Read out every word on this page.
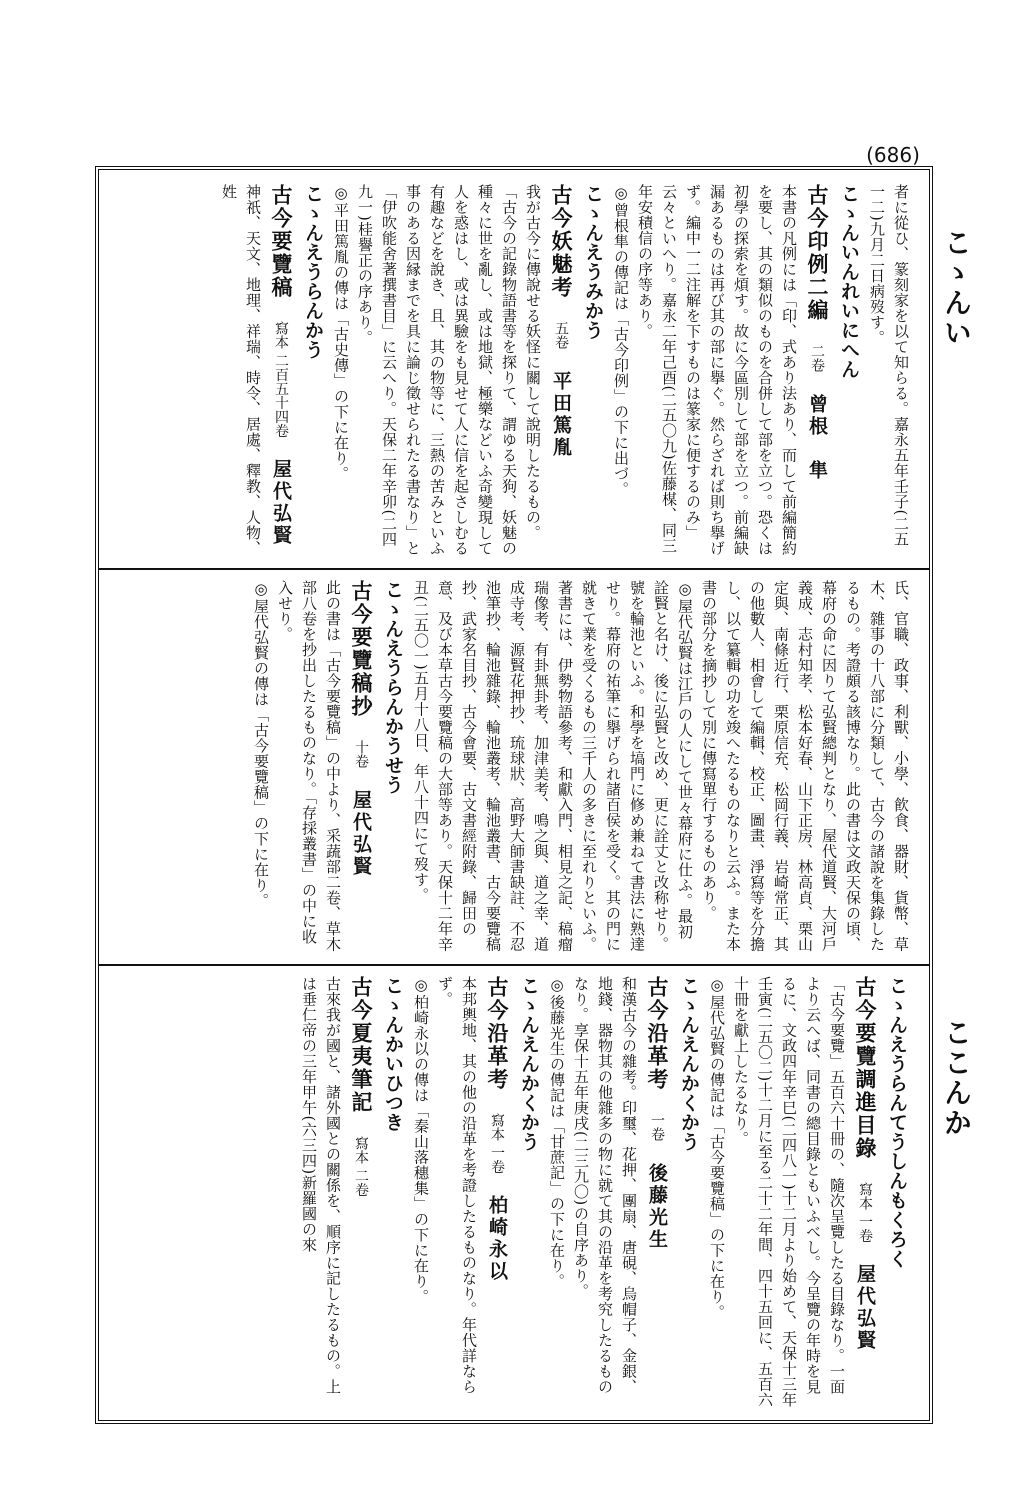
(686)

者に從ひ、篆刻家を以て知らる。嘉永五年壬子(二五一二)九月二日病歿す。

こゝんいんれいにへん
古今印例二編二卷曾根　隼

本書の凡例には「印、式あり法あり、而して前編簡約を要し、其の類似のものを合併して部を立つ。恐くは初學の探索を煩す。故に今區別して部を立つ。前編缺漏あるものは再び其の部に擧ぐ。然らざれば則ち擧げず。編中一二注解を下すものは篆家に便するのみ」云々といへり。嘉永二年己酉(二五〇九)佐藤楳、同三年安積信の序等あり。

◎曾根隼の傳記は「古今印例」の下に出づ。

こゝんえうみかう
古今妖魅考五卷平田篤胤

我が古今に傳說せる妖怪に關して說明したるもの。「古今の記錄物語書等を探りて、謂ゆる天狗、妖魅の種々に世を亂し、或は地獄、極樂などいふ奇變現して人を惑はし、或は異驗をも見せて人に信を起さしむる有趣などを說き、且、其の物等に、三熱の苦みといふ事のある因縁までを具に論じ徵せられたる書なり」と「伊吹能舍著撰書目」に云へり。天保二年辛卯(二四九一)桂譽正の序あり。

◎平田篤胤の傳は「古史傳」の下に在り。

こゝんえうらんかう
古今要覽稿寫本 二百五十四卷屋代弘賢

神祇、天文、地理、祥瑞、時令、居處、釋教、人物、姓

氏、官職、政事、利獸、小學、飮食、器財、貨幣、草木、雜事の十八部に分類して、古今の諸說を集錄したるもの。考證頗る該博なり。此の書は文政天保の頃、幕府の命に因りて弘賢總判となり、屋代道賢、大河戶義成、志村知孝、松本好春、山下正房、林高貞、栗山定與、南條近行、栗原信充、松岡行義、岩崎常正、其の他數人、相會して編輯、校正、圖畫、淨寫等を分擔し、以て纂輯の功を竣へたるものなりと云ふ。また本書の部分を摘抄して別に傳寫單行するものあり。

◎屋代弘賢は江戶の人にして世々幕府に仕ふ。最初詮賢と名け、後に弘賢と改め、更に詮丈と改称せり。號を輪池といふ。和學を塙門に修め兼ねて書法に熟達せり。幕府の祐筆に擧げられ諸百侯を受く。其の門に就きて業を受くるもの三千人の多きに至れりといふ。著書には、伊勢物語參考、和獻入門、相見之記、稿瘤瑞像考、有卦無卦考、加津美考、鳴之與、道之幸、道成寺考、源賢花押抄、琉球狀、高野大師書缺註、不忍池筆抄、輪池雜錄、輪池叢考、輪池叢書、古今要覽稿抄、武家名目抄、古今會要、古文書經附錄、歸田の意、及び本草古今要覽稿の大部等あり。天保十二年辛丑(二五〇一)五月十八日、年八十四にて歿す。

こゝんえうらんかうせう
古今要覽稿抄十卷屋代弘賢

此の書は「古今要覽稿」の中より、采蔬部二卷、草木部八卷を抄出したるものなり。「存採叢書」の中に收入せり。

◎屋代弘賢の傳は「古今要覽稿」の下に在り。

こゝんえうらんてうしんもくろく
古今要覽調進目錄寫本 一卷屋代弘賢

「古今要覽」五百六十冊の、隨次呈覽したる目錄なり。一面より云へば、同書の總目錄ともいふべし。今呈覽の年時を見るに、文政四年辛巳(二四八一)十二月より始めて、天保十三年壬寅(二五〇二)十二月に至る二十二年間、四十五回に、五百六十冊を獻上したるなり。

◎屋代弘賢の傳記は「古今要覽稿」の下に在り。

こゝんえんかくかう
古今沿革考一卷後藤光生

和漢古今の雜考。印璽、花押、團扇、唐硯、烏帽子、金銀、地錢、器物其の他雜多の物に就て其の沿革を考究したるものなり。享保十五年庚戌(二三九〇)の自序あり。

◎後藤光生の傳記は「甘蔗記」の下に在り。

こゝんえんかくかう
古今沿革考寫本 一卷柏崎永以

本邦輿地、其の他の沿革を考證したるものなり。年代詳ならず。

◎柏崎永以の傳は「秦山落穗集」の下に在り。

こゝんかいひつき
古今夏夷筆記寫本 二卷

古來我が國と、諸外國との關係を、順序に記したるもの。上は垂仁帝の三年甲午(六三四)新羅國の來

こゝんい
ここんか
